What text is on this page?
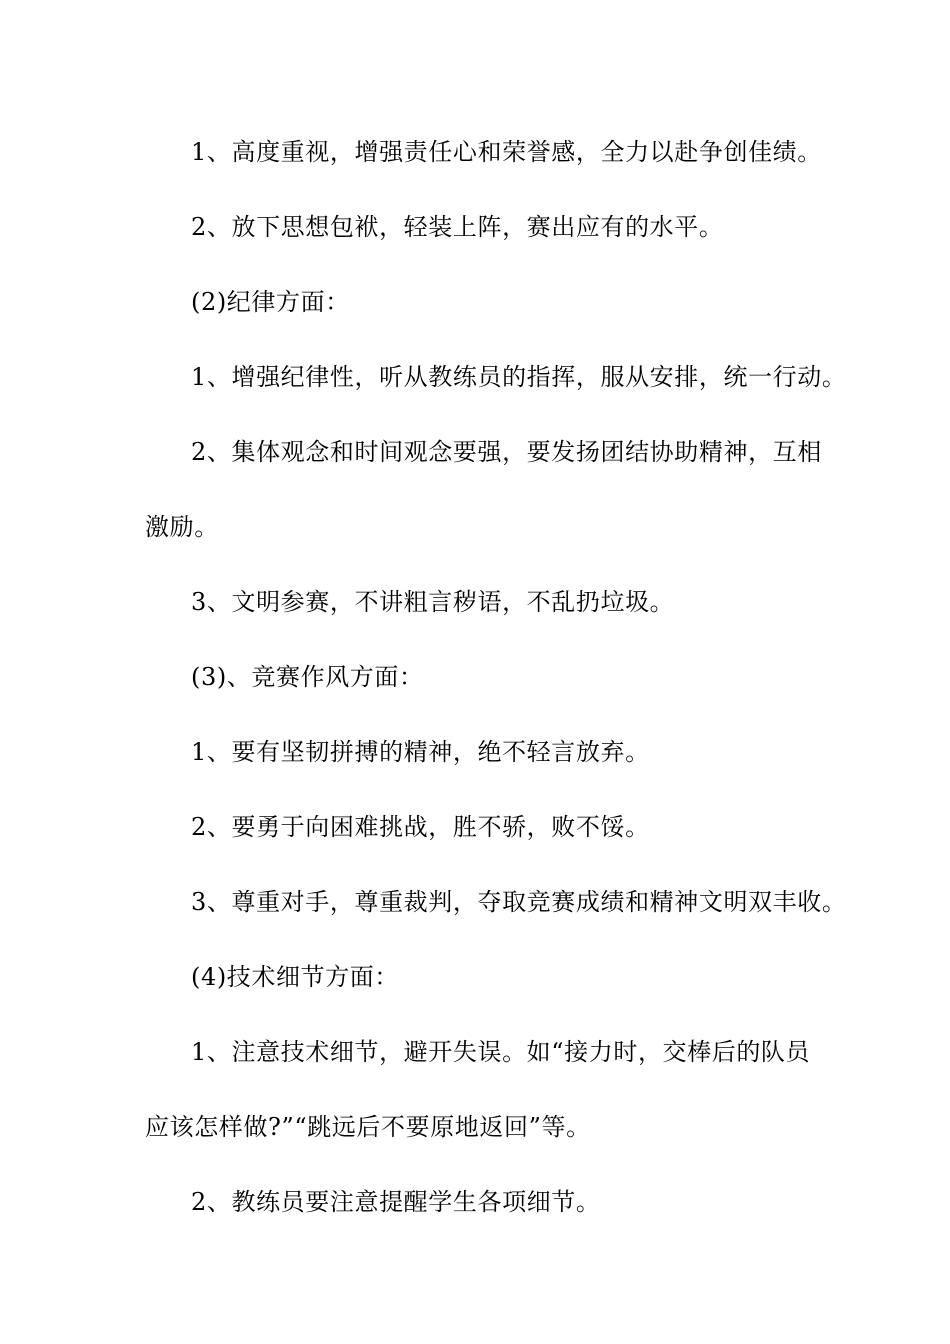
1、高度重视，增强责任心和荣誉感，全力以赴争创佳绩。
2、放下思想包袱，轻装上阵，赛出应有的水平。
(2)纪律方面：
1、增强纪律性，听从教练员的指挥，服从安排，统一行动。
2、集体观念和时间观念要强，要发扬团结协助精神，互相
激励。
3、文明参赛，不讲粗言秽语，不乱扔垃圾。
(3)、竞赛作风方面：
1、要有坚韧拼搏的精神，绝不轻言放弃。
2、要勇于向困难挑战，胜不骄，败不馁。
3、尊重对手，尊重裁判，夺取竞赛成绩和精神文明双丰收。
(4)技术细节方面：
1、注意技术细节，避开失误。如“接力时，交棒后的队员
应该怎样做?”“跳远后不要原地返回”等。
2、教练员要注意提醒学生各项细节。
